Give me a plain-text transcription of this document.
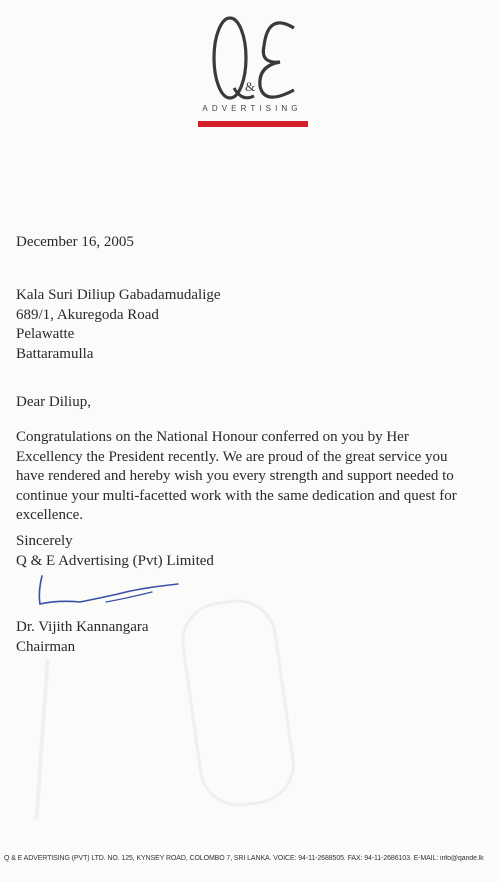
&
ADVERTISING
December 16, 2005
Kala Suri Diliup Gabadamudalige
689/1, Akuregoda Road
Pelawatte
Battaramulla
Dear Diliup,
Congratulations on the National Honour conferred on you by Her
Excellency the President recently. We are proud of the great service you
have rendered and hereby wish you every strength and support needed to
continue your multi-facetted work with the same dedication and quest for
excellence.
Sincerely
Q & E Advertising (Pvt) Limited
Dr. Vijith Kannangara
Chairman
Q & E ADVERTISING (PVT) LTD. NO. 125, KYNSEY ROAD, COLOMBO 7, SRI LANKA. VOICE: 94-11-2688505. FAX: 94-11-2686103. E-MAIL: info@qande.lk
